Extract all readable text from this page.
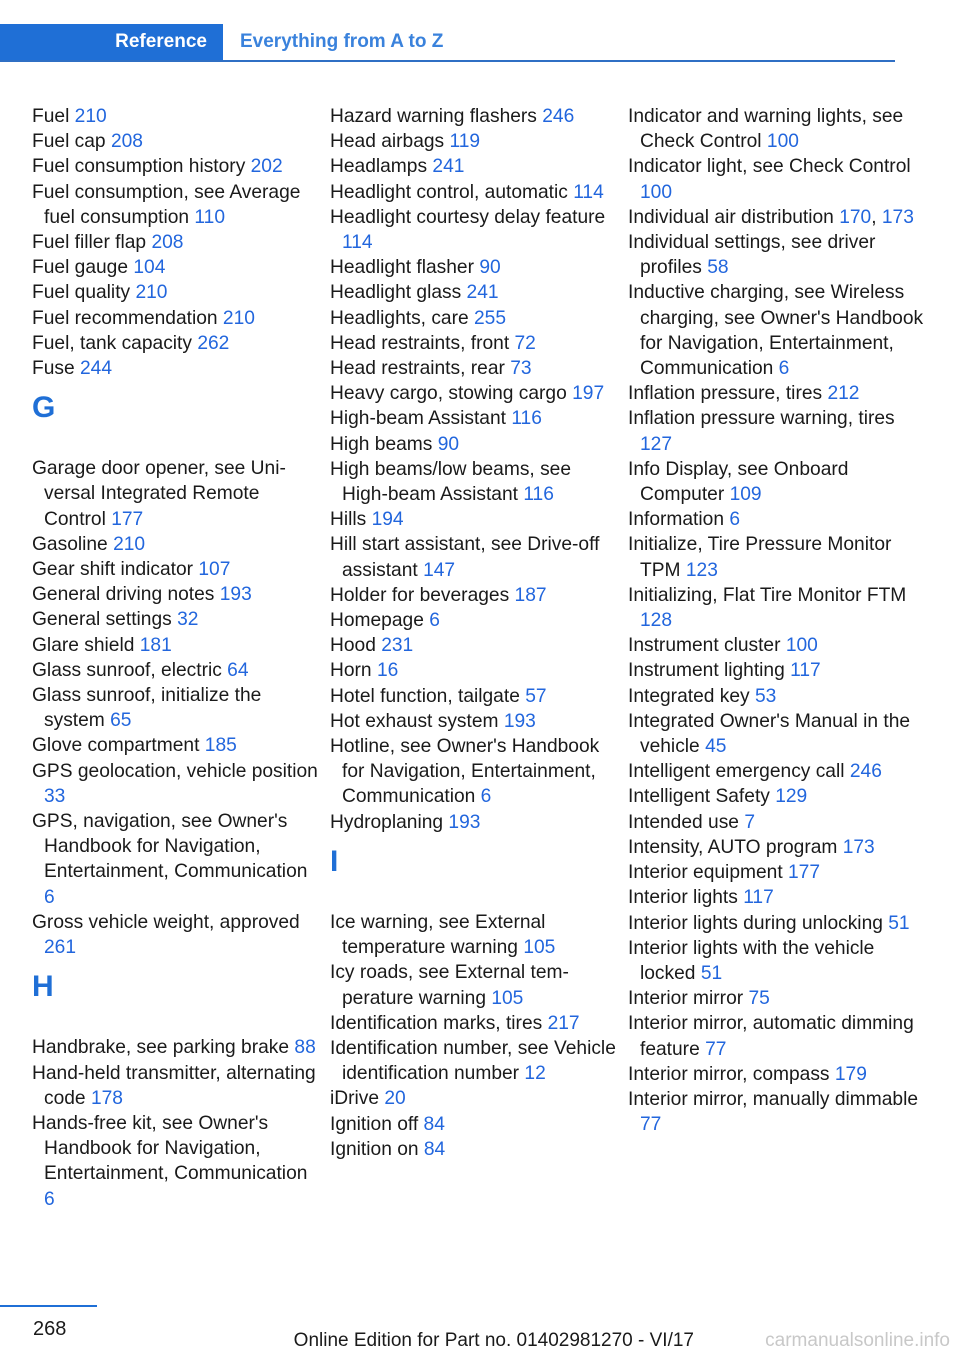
Reference	Everything from A to Z

Fuel 210

Fuel cap 208

Fuel consumption history 202

Fuel consumption, see Average fuel consumption 110

Fuel filler flap 208

Fuel gauge 104

Fuel quality 210

Fuel recommendation 210

Fuel, tank capacity 262

Fuse 244

G

Garage door opener, see Universal Integrated Remote Control 177

Gasoline 210

Gear shift indicator 107

General driving notes 193

General settings 32

Glare shield 181

Glass sunroof, electric 64

Glass sunroof, initialize the system 65

Glove compartment 185

GPS geolocation, vehicle position 33

GPS, navigation, see Owner's Handbook for Navigation, Entertainment, Communication 6

Gross vehicle weight, approved 261

H

Handbrake, see parking brake 88

Hand-held transmitter, alternating code 178

Hands-free kit, see Owner's Handbook for Navigation, Entertainment, Communication 6

Hazard warning flashers 246

Head airbags 119

Headlamps 241

Headlight control, automatic 114

Headlight courtesy delay feature 114

Headlight flasher 90

Headlight glass 241

Headlights, care 255

Head restraints, front 72

Head restraints, rear 73

Heavy cargo, stowing cargo 197

High-beam Assistant 116

High beams 90

High beams/low beams, see High-beam Assistant 116

Hills 194

Hill start assistant, see Drive-off assistant 147

Holder for beverages 187

Homepage 6

Hood 231

Horn 16

Hotel function, tailgate 57

Hot exhaust system 193

Hotline, see Owner's Handbook for Navigation, Entertainment, Communication 6

Hydroplaning 193

I

Ice warning, see External temperature warning 105

Icy roads, see External temperature warning 105

Identification marks, tires 217

Identification number, see Vehicle identification number 12

iDrive 20

Ignition off 84

Ignition on 84

Indicator and warning lights, see Check Control 100

Indicator light, see Check Control 100

Individual air distribution 170, 173

Individual settings, see driver profiles 58

Inductive charging, see Wireless charging, see Owner's Handbook for Navigation, Entertainment, Communication 6

Inflation pressure, tires 212

Inflation pressure warning, tires 127

Info Display, see Onboard Computer 109

Information 6

Initialize, Tire Pressure Monitor TPM 123

Initializing, Flat Tire Monitor FTM 128

Instrument cluster 100

Instrument lighting 117

Integrated key 53

Integrated Owner's Manual in the vehicle 45

Intelligent emergency call 246

Intelligent Safety 129

Intended use 7

Intensity, AUTO program 173

Interior equipment 177

Interior lights 117

Interior lights during unlocking 51

Interior lights with the vehicle locked 51

Interior mirror 75

Interior mirror, automatic dimming feature 77

Interior mirror, compass 179

Interior mirror, manually dimmable 77

268
Online Edition for Part no. 01402981270 - VI/17	carmanualsonline.info
